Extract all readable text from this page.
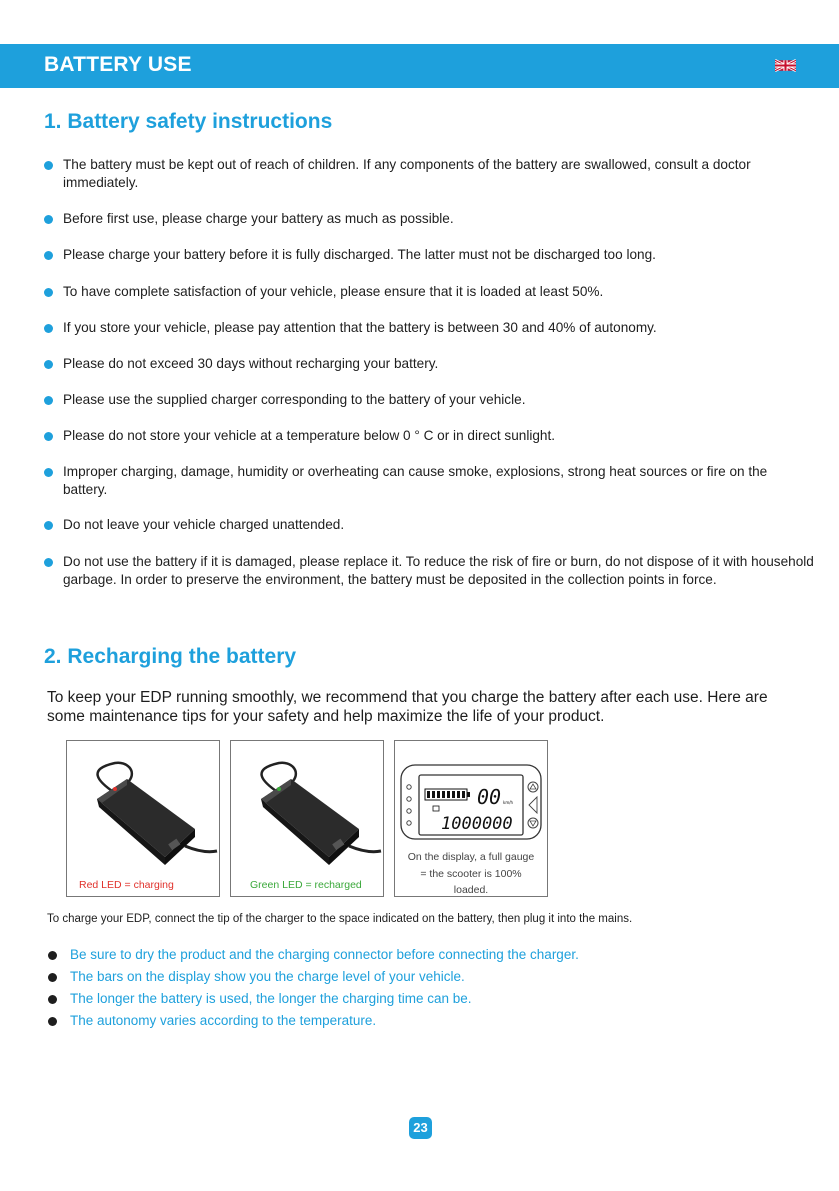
BATTERY USE
1. Battery safety instructions
The battery must be kept out of reach of children. If any components of the battery are swallowed, consult a doctor immediately.
Before first use, please charge your battery as much as possible.
Please charge your battery before it is fully discharged. The latter must not be discharged too long.
To have complete satisfaction of your vehicle, please ensure that it is loaded at least 50%.
If you store your vehicle, please pay attention that the battery is between 30 and 40% of autonomy.
Please do not exceed 30 days without recharging your battery.
Please use the supplied charger corresponding to the battery of your vehicle.
Please do not store your vehicle at a temperature below 0 ° C or in direct sunlight.
Improper charging, damage, humidity or overheating can cause smoke, explosions, strong heat sources or fire on the battery.
Do not leave your vehicle charged unattended.
Do not use the battery if it is damaged, please replace it. To reduce the risk of fire or burn, do not dispose of it with household garbage. In order to preserve the environment, the battery must be deposited in the collection points in force.
2. Recharging the battery
To keep your EDP running smoothly, we recommend that you charge the battery after each use. Here are some maintenance tips for your safety and help maximize the life of your product.
Red LED = charging	Green LED = recharged
00 km/h
1000000
On the display, a full gauge = the scooter is 100% loaded.
To charge your EDP, connect the tip of the charger to the space indicated on the battery, then plug it into the mains.
Be sure to dry the product and the charging connector before connecting the charger.
The bars on the display show you the charge level of your vehicle.
The longer the battery is used, the longer the charging time can be.
The autonomy varies according to the temperature.
23
